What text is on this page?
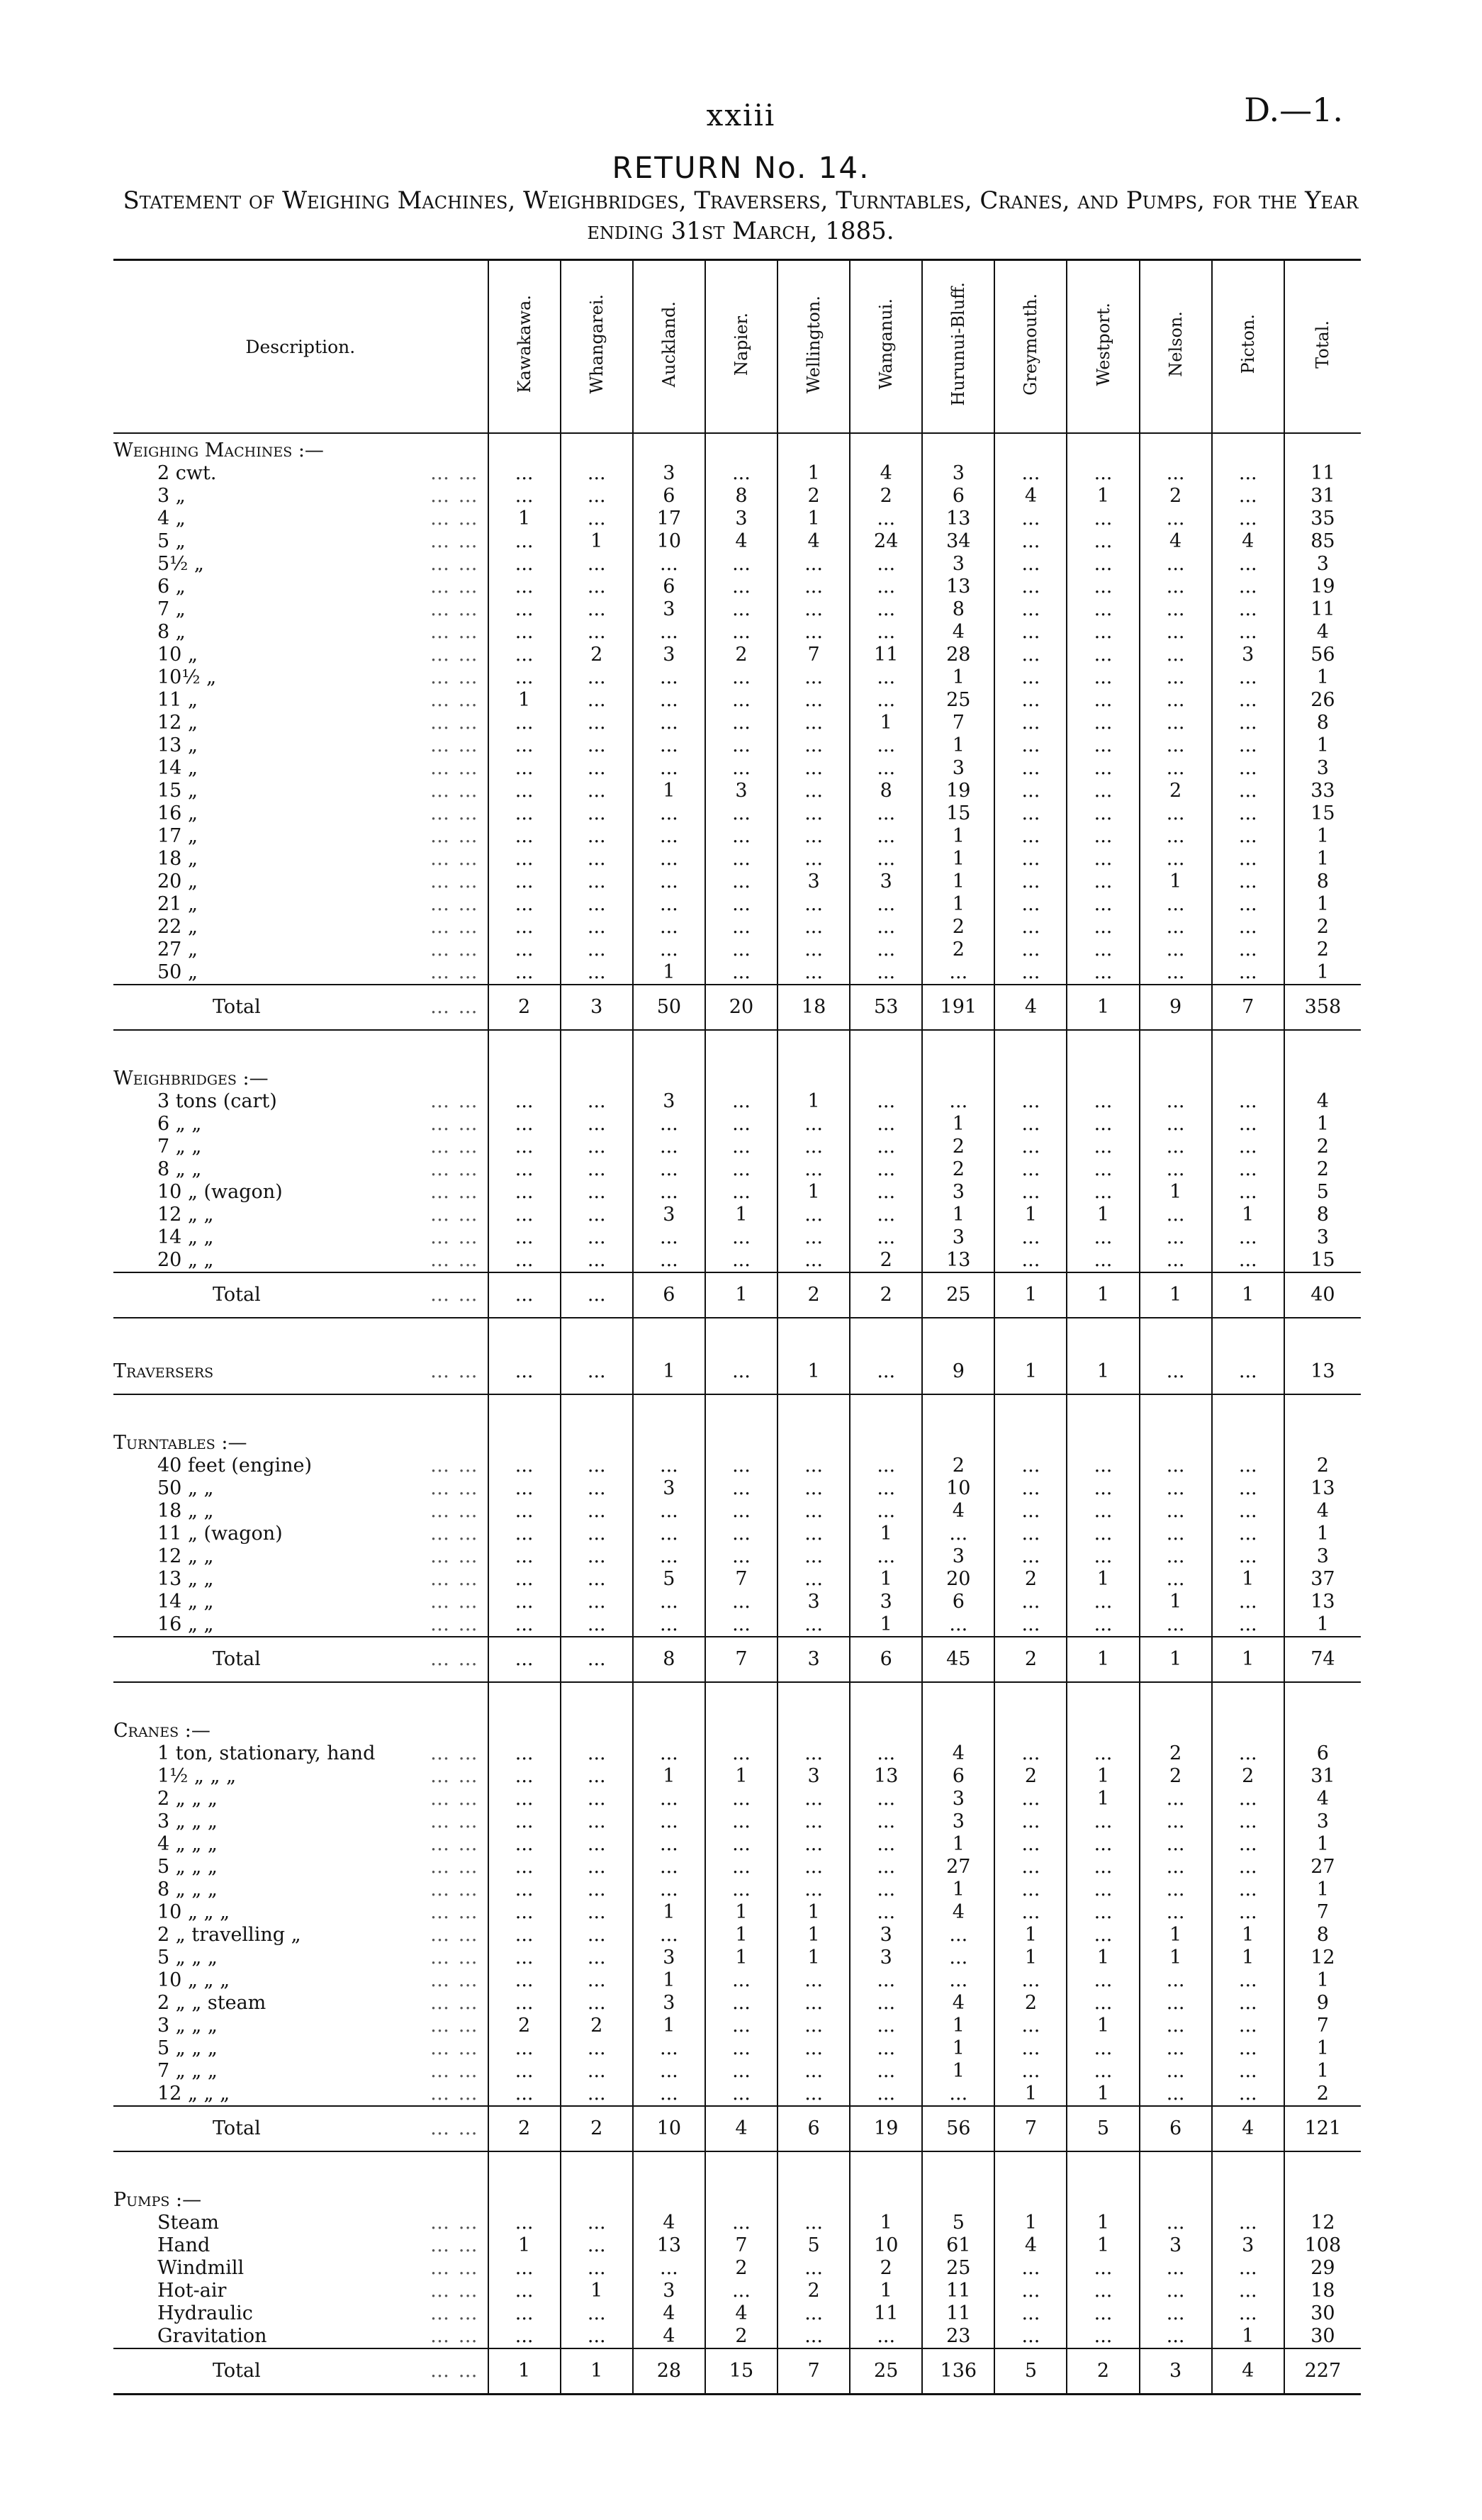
xxiii	D.—1.
RETURN No. 14.
Statement of Weighing Machines, Weighbridges, Traversers, Turntables, Cranes, and Pumps, for the Year ending 31st March, 1885.
Description.	Kawakawa.	Whangarei.	Auckland.	Napier.	Wellington.	Wanganui.	Hurunui-Bluff.	Greymouth.	Westport.	Nelson.	Picton.	Total.
Weighing Machines :—												

2 cwt. … …	...	...	3	...	1	4	3	...	...	...	...	11

3 „ … …	...	...	6	8	2	2	6	4	1	2	...	31

4 „ … …	1	...	17	3	1	...	13	...	...	...	...	35

5 „ … …	...	1	10	4	4	24	34	...	...	4	4	85

5½ „ … …	...	...	...	...	...	...	3	...	...	...	...	3

6 „ … …	...	...	6	...	...	...	13	...	...	...	...	19

7 „ … …	...	...	3	...	...	...	8	...	...	...	...	11

8 „ … …	...	...	...	...	...	...	4	...	...	...	...	4

10 „ … …	...	2	3	2	7	11	28	...	...	...	3	56

10½ „ … …	...	...	...	...	...	...	1	...	...	...	...	1

11 „ … …	1	...	...	...	...	...	25	...	...	...	...	26

12 „ … …	...	...	...	...	...	1	7	...	...	...	...	8

13 „ … …	...	...	...	...	...	...	1	...	...	...	...	1

14 „ … …	...	...	...	...	...	...	3	...	...	...	...	3

15 „ … …	...	...	1	3	...	8	19	...	...	2	...	33

16 „ … …	...	...	...	...	...	...	15	...	...	...	...	15

17 „ … …	...	...	...	...	...	...	1	...	...	...	...	1

18 „ … …	...	...	...	...	...	...	1	...	...	...	...	1

20 „ … …	...	...	...	...	3	3	1	...	...	1	...	8

21 „ … …	...	...	...	...	...	...	1	...	...	...	...	1

22 „ … …	...	...	...	...	...	...	2	...	...	...	...	2

27 „ … …	...	...	...	...	...	...	2	...	...	...	...	2

50 „ … …	...	...	1	...	...	...	...	...	...	...	...	1

Total … …	2	3	50	20	18	53	191	4	1	9	7	358

Weighbridges :—												

3 tons (cart) … …	...	...	3	...	1	...	...	...	...	...	...	4

6 „ „ … …	...	...	...	...	...	...	1	...	...	...	...	1

7 „ „ … …	...	...	...	...	...	...	2	...	...	...	...	2

8 „ „ … …	...	...	...	...	...	...	2	...	...	...	...	2

10 „ (wagon) … …	...	...	...	...	1	...	3	...	...	1	...	5

12 „ „ … …	...	...	3	1	...	...	1	1	1	...	1	8

14 „ „ … …	...	...	...	...	...	...	3	...	...	...	...	3

20 „ „ … …	...	...	...	...	...	2	13	...	...	...	...	15

Total … …	...	...	6	1	2	2	25	1	1	1	1	40

Traversers … …	...	...	1	...	1	...	9	1	1	...	...	13

Turntables :—												

40 feet (engine) … …	...	...	...	...	...	...	2	...	...	...	...	2

50 „ „ … …	...	...	3	...	...	...	10	...	...	...	...	13

18 „ „ … …	...	...	...	...	...	...	4	...	...	...	...	4

11 „ (wagon) … …	...	...	...	...	...	1	...	...	...	...	...	1

12 „ „ … …	...	...	...	...	...	...	3	...	...	...	...	3

13 „ „ … …	...	...	5	7	...	1	20	2	1	...	1	37

14 „ „ … …	...	...	...	...	3	3	6	...	...	1	...	13

16 „ „ … …	...	...	...	...	...	1	...	...	...	...	...	1

Total … …	...	...	8	7	3	6	45	2	1	1	1	74

Cranes :—												

1 ton, stationary, hand … …	...	...	...	...	...	...	4	...	...	2	...	6

1½ „ „ „ … …	...	...	1	1	3	13	6	2	1	2	2	31

2 „ „ „ … …	...	...	...	...	...	...	3	...	1	...	...	4

3 „ „ „ … …	...	...	...	...	...	...	3	...	...	...	...	3

4 „ „ „ … …	...	...	...	...	...	...	1	...	...	...	...	1

5 „ „ „ … …	...	...	...	...	...	...	27	...	...	...	...	27

8 „ „ „ … …	...	...	...	...	...	...	1	...	...	...	...	1

10 „ „ „ … …	...	...	1	1	1	...	4	...	...	...	...	7

2 „ travelling „ … …	...	...	...	1	1	3	...	1	...	1	1	8

5 „ „ „ … …	...	...	3	1	1	3	...	1	1	1	1	12

10 „ „ „ … …	...	...	1	...	...	...	...	...	...	...	...	1

2 „ „ steam … …	...	...	3	...	...	...	4	2	...	...	...	9

3 „ „ „ … …	2	2	1	...	...	...	1	...	1	...	...	7

5 „ „ „ … …	...	...	...	...	...	...	1	...	...	...	...	1

7 „ „ „ … …	...	...	...	...	...	...	1	...	...	...	...	1

12 „ „ „ … …	...	...	...	...	...	...	...	1	1	...	...	2

Total … …	2	2	10	4	6	19	56	7	5	6	4	121

Pumps :—												

Steam … …	...	...	4	...	...	1	5	1	1	...	...	12

Hand … …	1	...	13	7	5	10	61	4	1	3	3	108

Windmill … …	...	...	...	2	...	2	25	...	...	...	...	29

Hot-air … …	...	1	3	...	2	1	11	...	...	...	...	18

Hydraulic … …	...	...	4	4	...	11	11	...	...	...	...	30

Gravitation … …	...	...	4	2	...	...	23	...	...	...	1	30

Total … …	1	1	28	15	7	25	136	5	2	3	4	227
